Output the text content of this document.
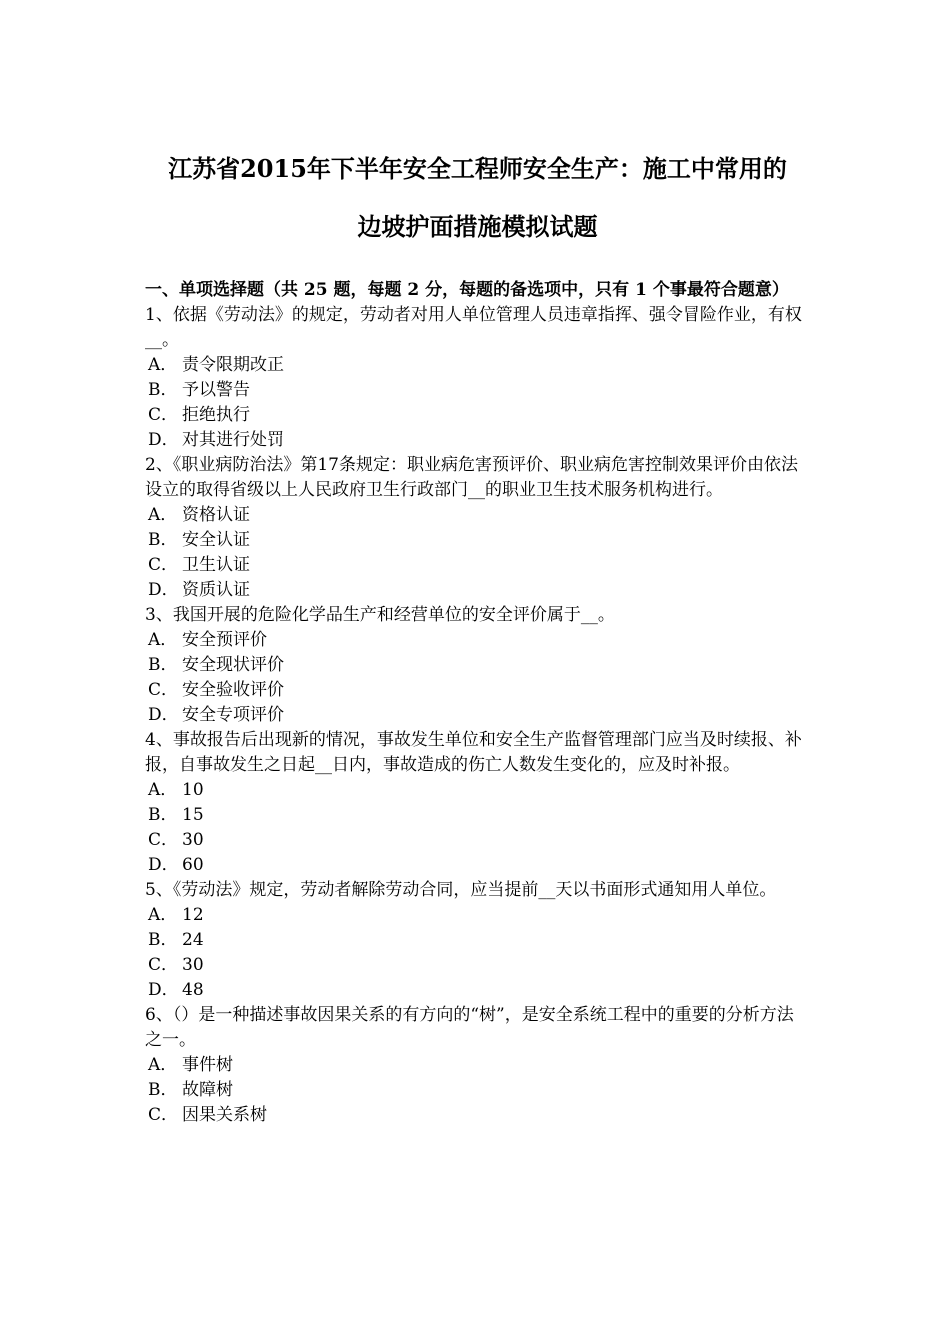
江苏省2015年下半年安全工程师安全生产：施工中常用的
边坡护面措施模拟试题

一、单项选择题（共 25 题，每题 2 分，每题的备选项中，只有 1 个事最符合题意）

1、依据《劳动法》的规定，劳动者对用人单位管理人员违章指挥、强令冒险作业，有权__。

A． 责令限期改正

B． 予以警告

C． 拒绝执行

D． 对其进行处罚

2、《职业病防治法》第17条规定：职业病危害预评价、职业病危害控制效果评价由依法设立的取得省级以上人民政府卫生行政部门__的职业卫生技术服务机构进行。

A． 资格认证

B． 安全认证

C． 卫生认证

D． 资质认证

3、我国开展的危险化学品生产和经营单位的安全评价属于__。

A． 安全预评价

B． 安全现状评价

C． 安全验收评价

D． 安全专项评价

4、事故报告后出现新的情况，事故发生单位和安全生产监督管理部门应当及时续报、补报，自事故发生之日起__日内，事故造成的伤亡人数发生变化的，应及时补报。

A． 10

B． 15

C． 30

D． 60

5、《劳动法》规定，劳动者解除劳动合同，应当提前__天以书面形式通知用人单位。

A． 12

B． 24

C． 30

D． 48

6、（）是一种描述事故因果关系的有方向的“树”，是安全系统工程中的重要的分析方法之一。

A． 事件树

B． 故障树

C． 因果关系树
